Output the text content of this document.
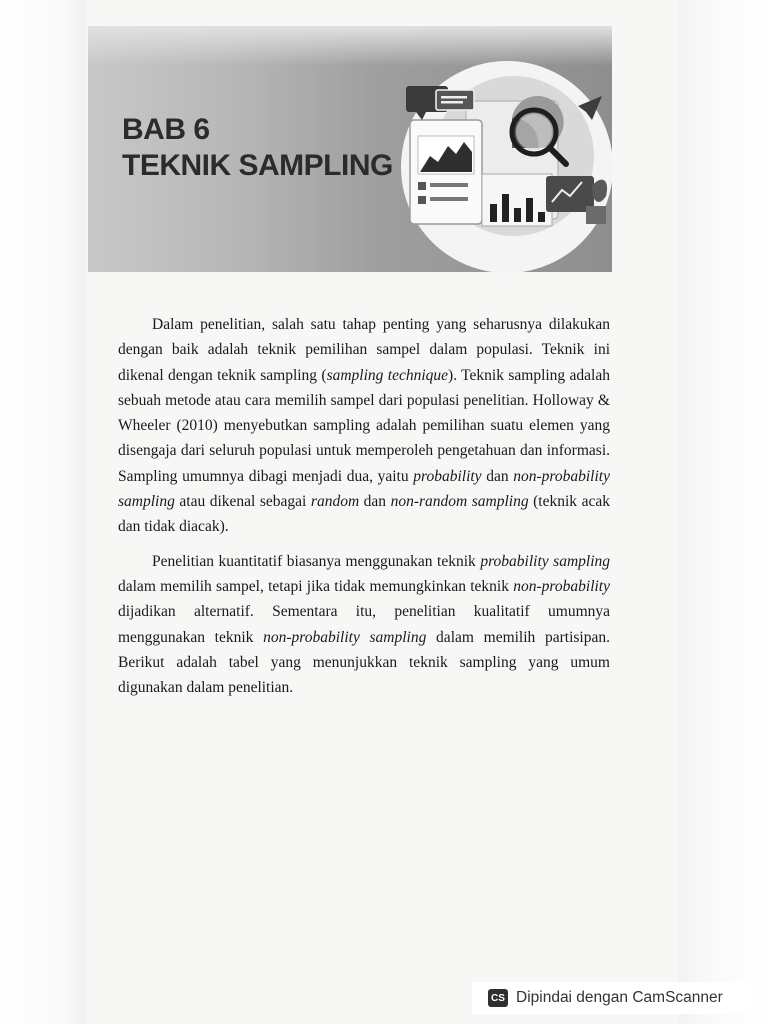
BAB 6
TEKNIK SAMPLING

Dalam penelitian, salah satu tahap penting yang seharusnya dilakukan dengan baik adalah teknik pemilihan sampel dalam populasi. Teknik ini dikenal dengan teknik sampling (sampling technique). Teknik sampling adalah sebuah metode atau cara memilih sampel dari populasi penelitian. Holloway & Wheeler (2010) menyebutkan sampling adalah pemilihan suatu elemen yang disengaja dari seluruh populasi untuk memperoleh pengetahuan dan informasi. Sampling umumnya dibagi menjadi dua, yaitu probability dan non-probability sampling atau dikenal sebagai random dan non-random sampling (teknik acak dan tidak diacak).

Penelitian kuantitatif biasanya menggunakan teknik probability sampling dalam memilih sampel, tetapi jika tidak memungkinkan teknik non-probability dijadikan alternatif. Sementara itu, penelitian kualitatif umumnya menggunakan teknik non-probability sampling dalam memilih partisipan. Berikut adalah tabel yang menunjukkan teknik sampling yang umum digunakan dalam penelitian.

CS Dipindai dengan CamScanner
